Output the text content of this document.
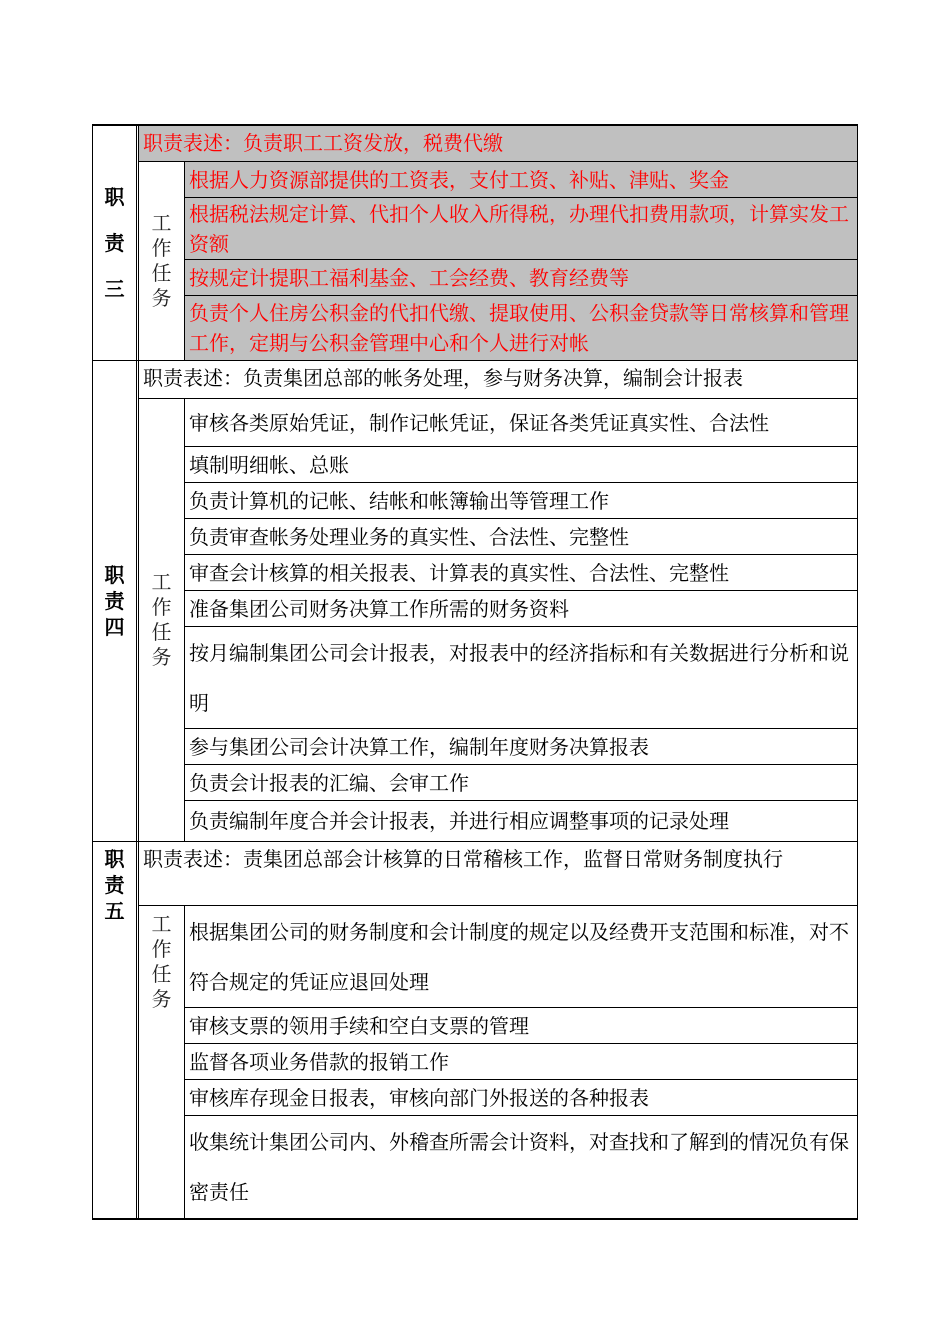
职
责
三
职责表述：负责职工工资发放，税费代缴
工
作
任
务
根据人力资源部提供的工资表，支付工资、补贴、津贴、奖金
根据税法规定计算、代扣个人收入所得税，办理代扣费用款项，计算实发工资额
按规定计提职工福利基金、工会经费、教育经费等
负责个人住房公积金的代扣代缴、提取使用、公积金贷款等日常核算和管理工作，定期与公积金管理中心和个人进行对帐
职
责
四
职责表述：负责集团总部的帐务处理，参与财务决算，编制会计报表
工
作
任
务
审核各类原始凭证，制作记帐凭证，保证各类凭证真实性、合法性
填制明细帐、总账
负责计算机的记帐、结帐和帐簿输出等管理工作
负责审查帐务处理业务的真实性、合法性、完整性
审查会计核算的相关报表、计算表的真实性、合法性、完整性
准备集团公司财务决算工作所需的财务资料
按月编制集团公司会计报表，对报表中的经济指标和有关数据进行分析和说明
参与集团公司会计决算工作，编制年度财务决算报表
负责会计报表的汇编、会审工作
负责编制年度合并会计报表，并进行相应调整事项的记录处理
职
责
五
职责表述：责集团总部会计核算的日常稽核工作，监督日常财务制度执行
工
作
任
务
根据集团公司的财务制度和会计制度的规定以及经费开支范围和标准，对不符合规定的凭证应退回处理
审核支票的领用手续和空白支票的管理
监督各项业务借款的报销工作
审核库存现金日报表，审核向部门外报送的各种报表
收集统计集团公司内、外稽查所需会计资料，对查找和了解到的情况负有保密责任
